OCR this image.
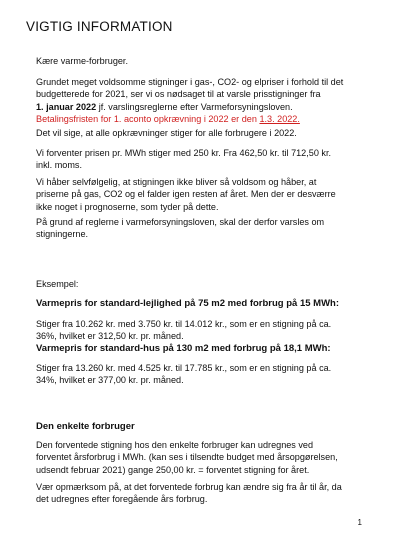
VIGTIG INFORMATION
Kære varme-forbruger.
Grundet meget voldsomme stigninger i gas-, CO2- og elpriser i forhold til det
budgetterede for 2021, ser vi os nødsaget til at varsle prisstigninger fra
1. januar 2022 jf. varslingsreglerne efter Varmeforsyningsloven.
Betalingsfristen for 1. aconto opkrævning i 2022 er den 1.3. 2022.
Det vil sige, at alle opkrævninger stiger for alle forbrugere i 2022.
Vi forventer prisen pr. MWh stiger med 250 kr. Fra 462,50 kr. til 712,50 kr.
inkl. moms.
Vi håber selvfølgelig, at stigningen ikke bliver så voldsom og håber, at
priserne på gas, CO2 og el falder igen resten af året. Men der er desværre
ikke noget i prognoserne, som tyder på dette.
På grund af reglerne i varmeforsyningsloven, skal der derfor varsles om
stigningerne.
Eksempel:
Varmepris for standard-lejlighed på 75 m2 med forbrug på 15 MWh:
Stiger fra 10.262 kr. med 3.750 kr. til 14.012 kr., som er en stigning på ca.
36%, hvilket er 312,50 kr. pr. måned.
Varmepris for standard-hus på 130 m2 med forbrug på 18,1 MWh:
Stiger fra 13.260 kr. med 4.525 kr. til 17.785 kr., som er en stigning på ca.
34%, hvilket er 377,00 kr. pr. måned.
Den enkelte forbruger
Den forventede stigning hos den enkelte forbruger kan udregnes ved
forventet årsforbrug i MWh. (kan ses i tilsendte budget med årsopgørelsen,
udsendt februar 2021) gange 250,00 kr. = forventet stigning for året.
Vær opmærksom på, at det forventede forbrug kan ændre sig fra år til år, da
det udregnes efter foregående års forbrug.
1
